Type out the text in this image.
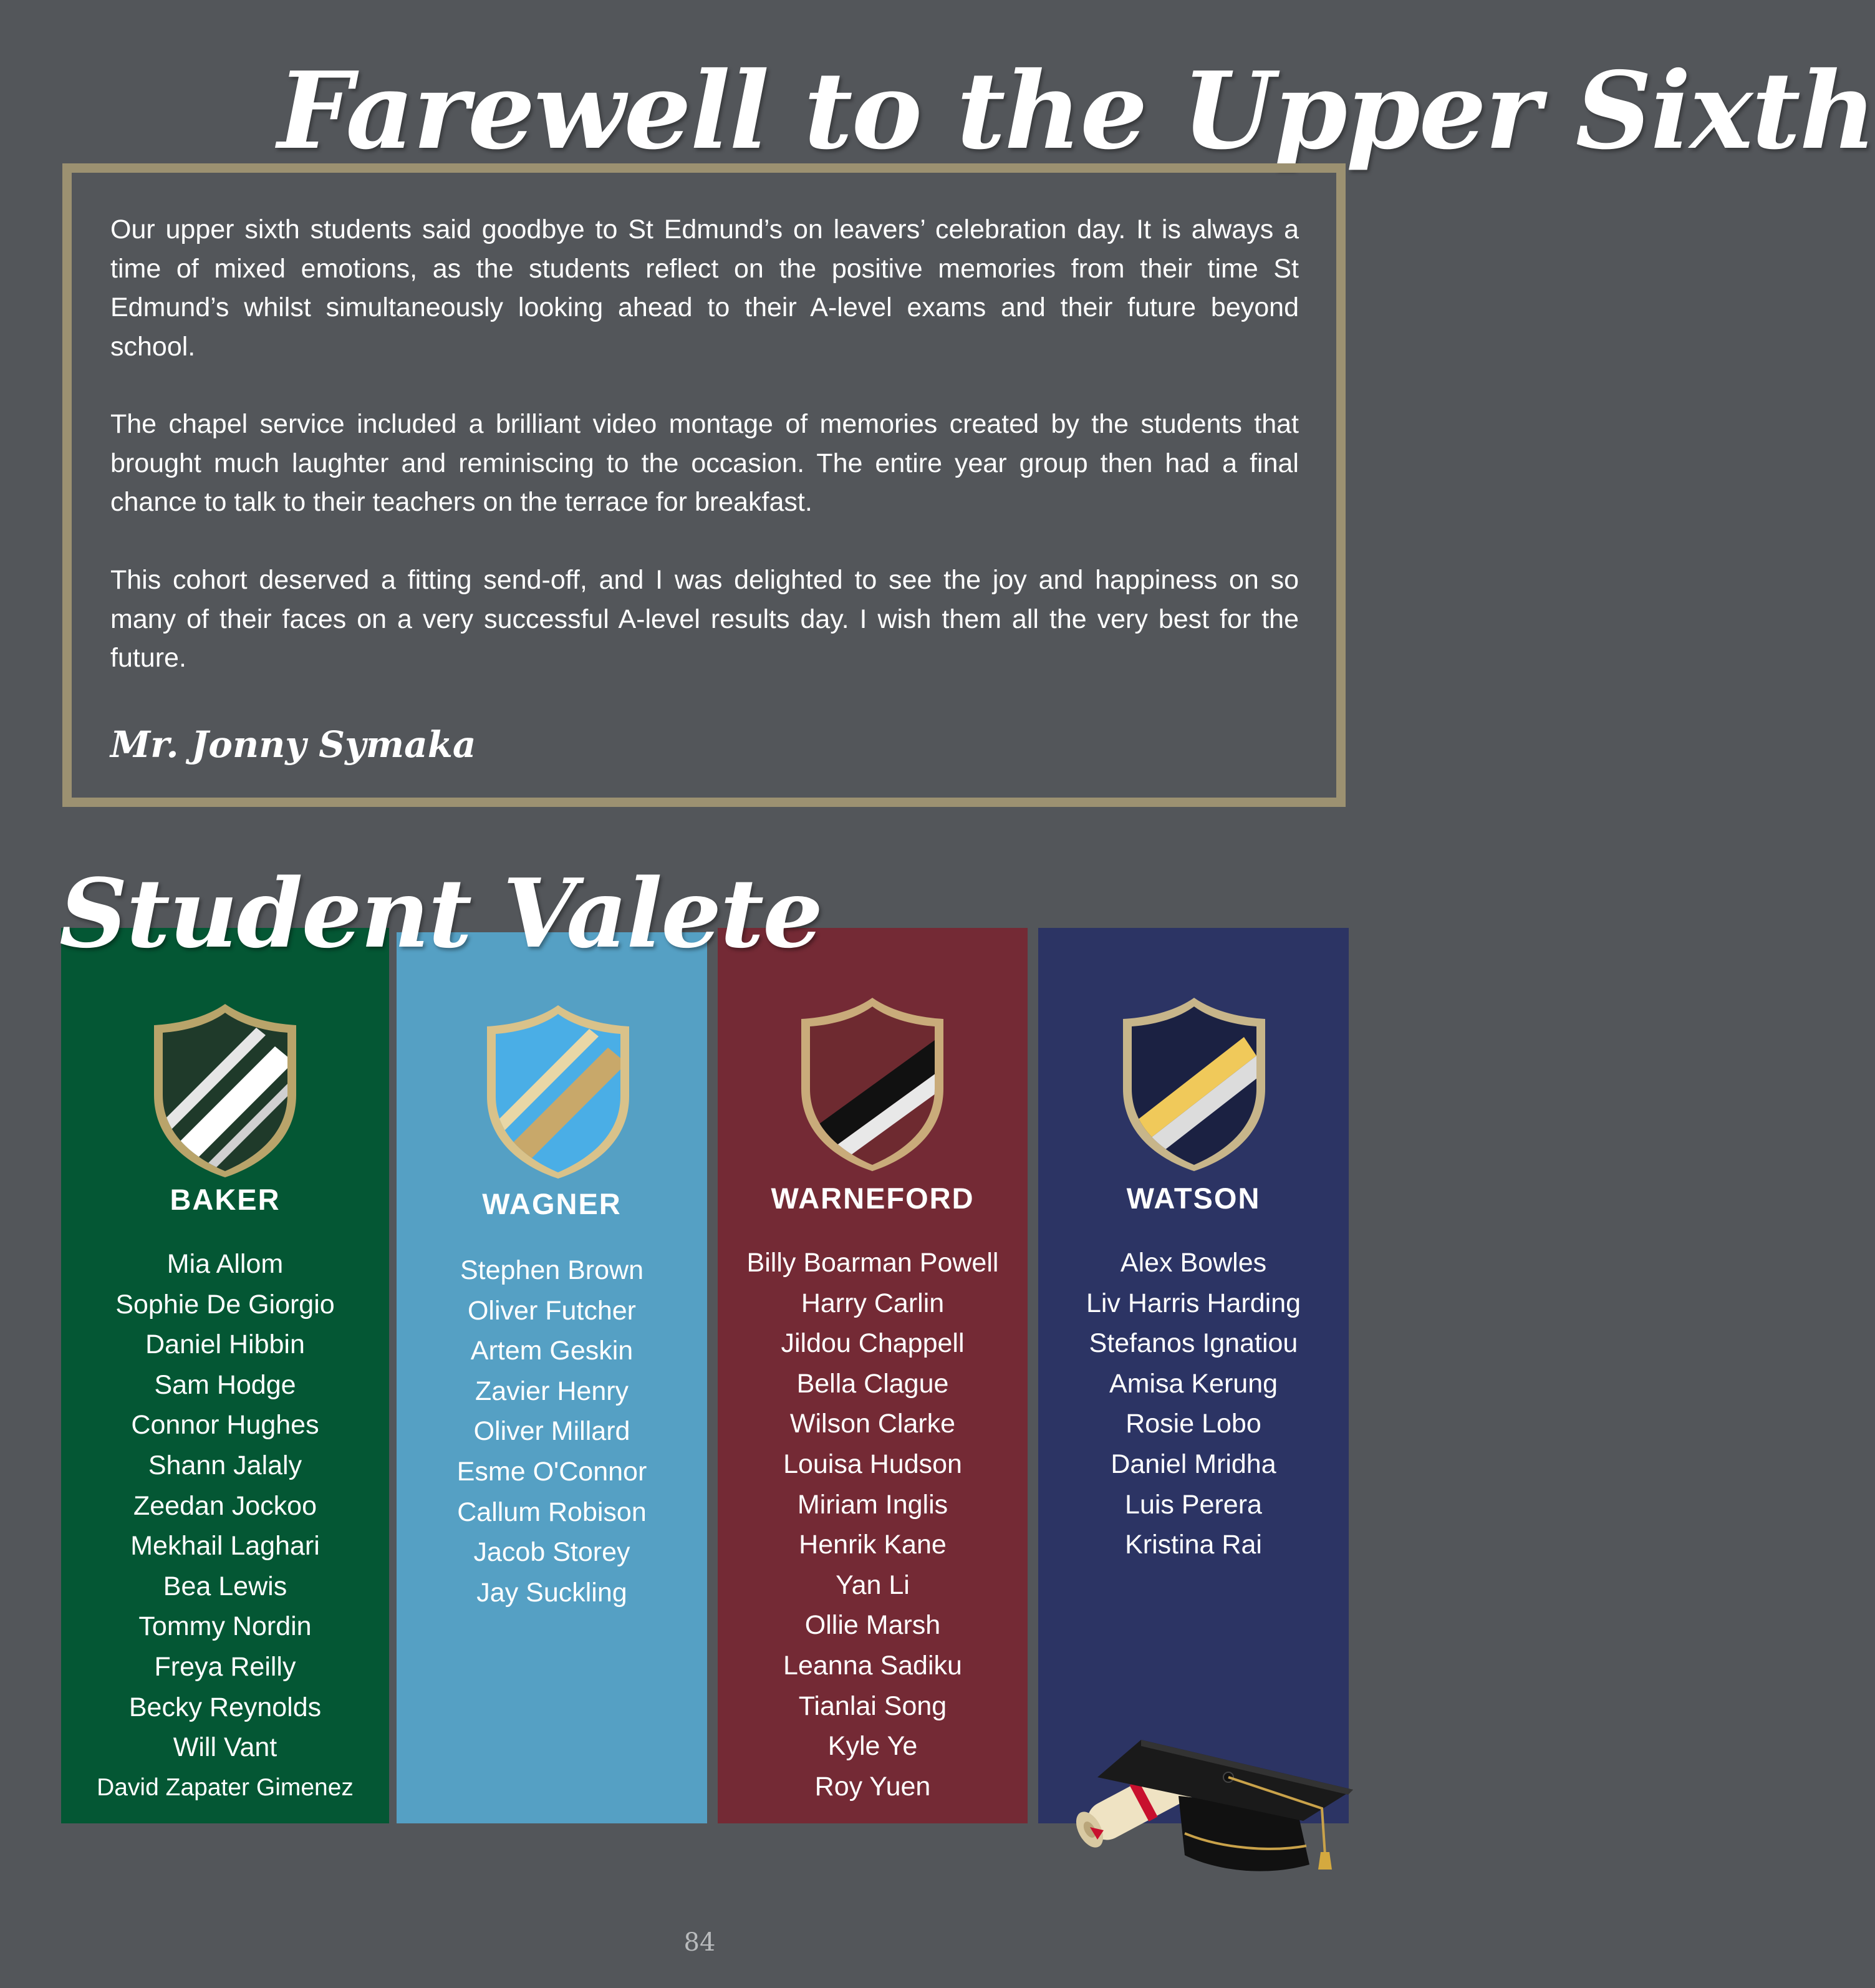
Farewell to the Upper Sixth

Our upper sixth students said goodbye to St Edmund’s on leavers’ celebration day. It is always a time of mixed emotions, as the students reflect on the positive memories from their time St Edmund’s whilst simultaneously looking ahead to their A-level exams and their future beyond school.

The chapel service included a brilliant video montage of memories created by the students that brought much laughter and reminiscing to the occasion. The entire year group then had a final chance to talk to their teachers on the terrace for breakfast.

This cohort deserved a fitting send-off, and I was delighted to see the joy and happiness on so many of their faces on a very successful A-level results day. I wish them all the very best for the future.

Mr. Jonny Symaka
Student Valete

BAKER

Mia Allom
Sophie De Giorgio
Daniel Hibbin
Sam Hodge
Connor Hughes
Shann Jalaly
Zeedan Jockoo
Mekhail Laghari
Bea Lewis
Tommy Nordin
Freya Reilly
Becky Reynolds
Will Vant
David Zapater Gimenez

WAGNER

Stephen Brown
Oliver Futcher
Artem Geskin
Zavier Henry
Oliver Millard
Esme O'Connor
Callum Robison
Jacob Storey
Jay Suckling

WARNEFORD

Billy Boarman Powell
Harry Carlin
Jildou Chappell
Bella Clague
Wilson Clarke
Louisa Hudson
Miriam Inglis
Henrik Kane
Yan Li
Ollie Marsh
Leanna Sadiku
Tianlai Song
Kyle Ye
Roy Yuen

WATSON

Alex Bowles
Liv Harris Harding
Stefanos Ignatiou
Amisa Kerung
Rosie Lobo
Daniel Mridha
Luis Perera
Kristina Rai
84
